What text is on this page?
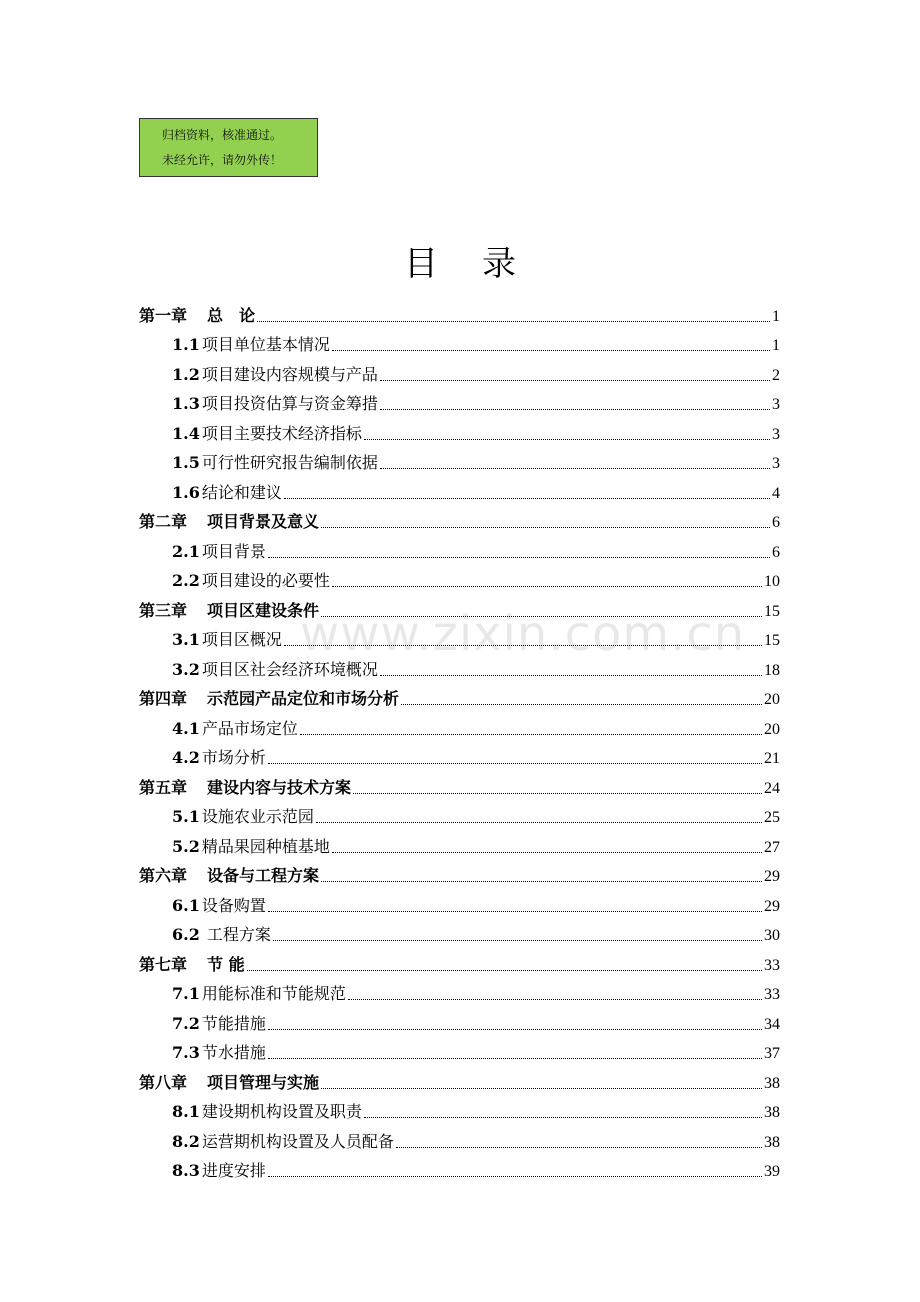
归档资料，核准通过。
未经允许，请勿外传！
www.zixin.com.cn
目录
第一章 总　论	1
1.1 项目单位基本情况	1
1.2 项目建设内容规模与产品	2
1.3 项目投资估算与资金筹措	3
1.4 项目主要技术经济指标	3
1.5 可行性研究报告编制依据	3
1.6 结论和建议	4
第二章 项目背景及意义	6
2.1 项目背景	6
2.2 项目建设的必要性	10
第三章 项目区建设条件	15
3.1 项目区概况	15
3.2 项目区社会经济环境概况	18
第四章 示范园产品定位和市场分析	20
4.1 产品市场定位	20
4.2 市场分析	21
第五章 建设内容与技术方案	24
5.1 设施农业示范园	25
5.2 精品果园种植基地	27
第六章 设备与工程方案	29
6.1 设备购置	29
6.2 工程方案	30
第七章 节 能	33
7.1 用能标准和节能规范	33
7.2 节能措施	34
7.3 节水措施	37
第八章 项目管理与实施	38
8.1 建设期机构设置及职责	38
8.2 运营期机构设置及人员配备	38
8.3 进度安排	39
